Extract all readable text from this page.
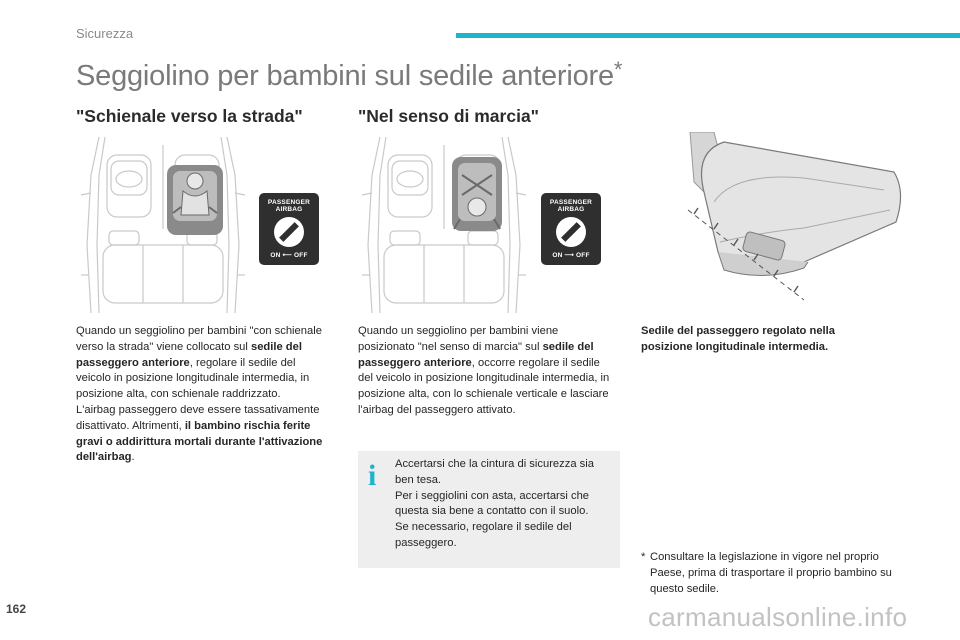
Sicurezza
Seggiolino per bambini sul sedile anteriore*
"Schienale verso la strada"	"Nel senso di marcia"
PASSENGER AIRBAG
ON ⟵ OFF
PASSENGER AIRBAG
ON ⟶ OFF
Quando un seggiolino per bambini "con schienale verso la strada" viene collocato sul sedile del passeggero anteriore, regolare il sedile del veicolo in posizione longitudinale intermedia, in posizione alta, con schienale raddrizzato.
L'airbag passeggero deve essere tassativamente disattivato. Altrimenti, il bambino rischia ferite gravi o addirittura mortali durante l'attivazione dell'airbag.
Quando un seggiolino per bambini viene posizionato "nel senso di marcia" sul sedile del passeggero anteriore, occorre regolare il sedile del veicolo in posizione longitudinale intermedia, in posizione alta, con lo schienale verticale e lasciare l'airbag del passeggero attivato.
Sedile del passeggero regolato nella posizione longitudinale intermedia.
i Accertarsi che la cintura di sicurezza sia ben tesa.
Per i seggiolini con asta, accertarsi che questa sia bene a contatto con il suolo.
Se necessario, regolare il sedile del passeggero.
* Consultare la legislazione in vigore nel proprio Paese, prima di trasportare il proprio bambino su questo sedile.
162	carmanualsonline.info
